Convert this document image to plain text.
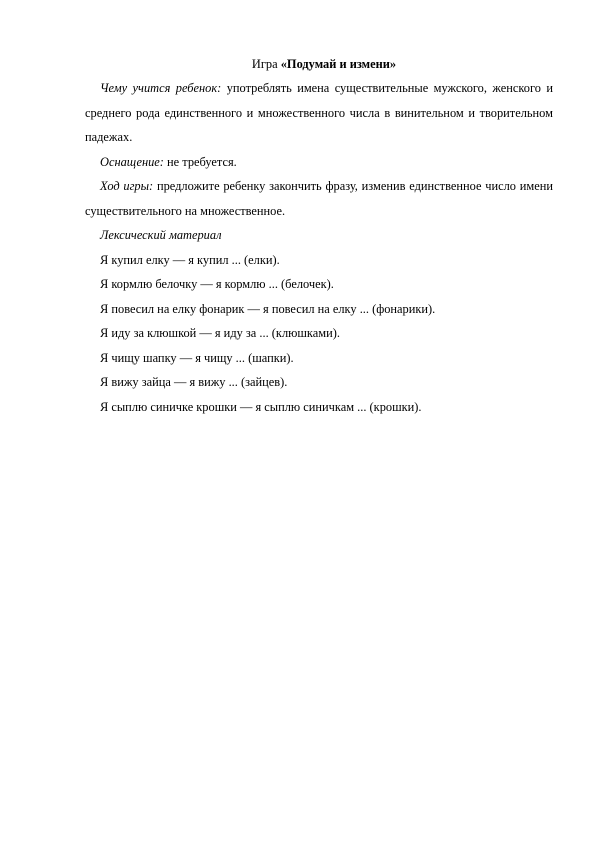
Игра «Подумай и измени»

Чему учится ребенок: употреблять имена существительные мужского, женского и среднего рода единственного и множественного числа в винительном и творительном падежах.

Оснащение: не требуется.

Ход игры: предложите ребенку закончить фразу, изменив единственное число имени существительного на множественное.

Лексический материал

Я купил елку — я купил ... (елки).

Я кормлю белочку — я кормлю ... (белочек).

Я повесил на елку фонарик — я повесил на елку ... (фонарики).

Я иду за клюшкой — я иду за ... (клюшками).

Я чищу шапку — я чищу ... (шапки).

Я вижу зайца — я вижу ... (зайцев).

Я сыплю синичке крошки — я сыплю синичкам ... (крошки).
